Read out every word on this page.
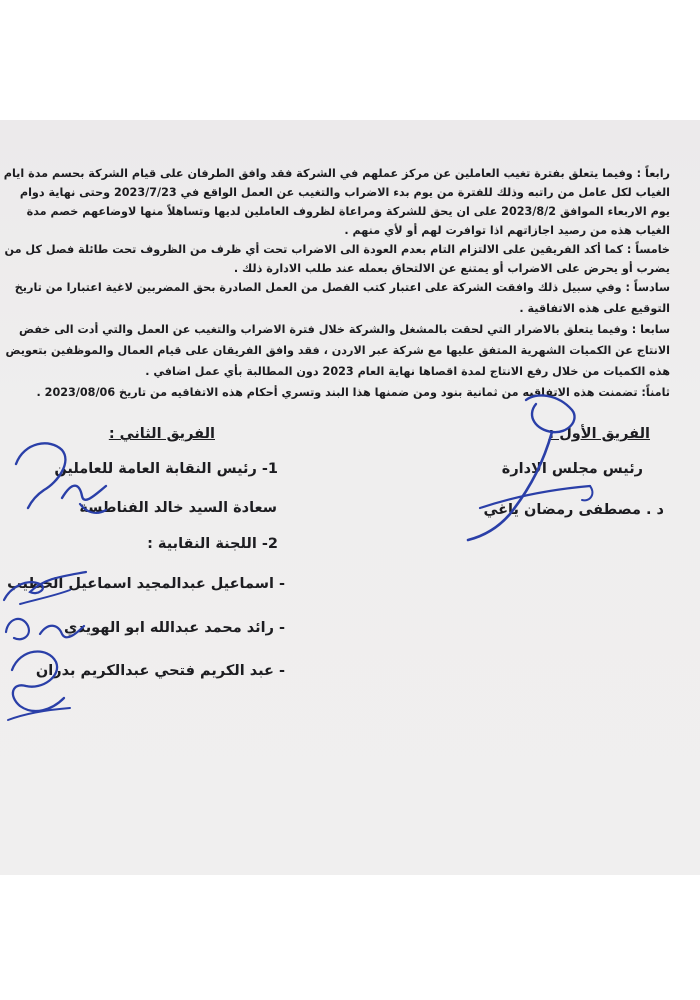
رابعاً : وفيما يتعلق بفترة تغيب العاملين عن مركز عملهم في الشركة فقد وافق الطرفان على قيام الشركة بحسم مدة ايام
الغياب لكل عامل من راتبه وذلك للفترة من يوم بدء الاضراب والتغيب عن العمل الواقع في 2023/7/23 وحتى نهاية دوام
يوم الاربعاء الموافق 2023/8/2 على ان يحق للشركة ومراعاة لظروف العاملين لديها وتساهلاً منها لاوضاعهم خصم مدة
الغياب هذه من رصيد اجازاتهم اذا توافرت لهم أو لأي منهم .
خامساً : كما أكد الفريقين على الالتزام التام بعدم العودة الى الاضراب تحت أي ظرف من الظروف تحت طائلة فصل كل من
يضرب أو يحرض على الاضراب أو يمتنع عن الالتحاق بعمله عند طلب الادارة ذلك .
سادساً : وفي سبيل ذلك وافقت الشركة على اعتبار كتب الفصل من العمل الصادرة بحق المضربين لاغية اعتبارا من تاريخ
التوقيع على هذه الاتفاقية .
سابعا : وفيما يتعلق بالاضرار التي لحقت بالمشغل والشركة خلال فترة الاضراب والتغيب عن العمل والتي أدت الى خفض
الانتاج عن الكميات الشهرية المتفق عليها مع شركة عبر الاردن ، فقد وافق الفريقان على قيام العمال والموظفين بتعويض
هذه الكميات من خلال رفع الانتاج لمدة اقصاها نهاية العام 2023 دون المطالبة بأي عمل اضافي .
ثامناً: تضمنت هذه الاتفاقيه من ثمانية بنود ومن ضمنها هذا البند وتسري أحكام هذه الاتفاقيه من تاريخ 2023/08/06 .
الفريق الأول :
رئيس مجلس الادارة
د . مصطفى رمضان ياغي
الفريق الثاني :
1- رئيس النقابة العامة للعاملين
سعادة السيد خالد الفناطسة
2- اللجنة النقابية :
- اسماعيل عبدالمجيد اسماعيل الخطيب
- رائد محمد عبدالله ابو الهويدي
- عبد الكريم فتحي عبدالكريم بدران
